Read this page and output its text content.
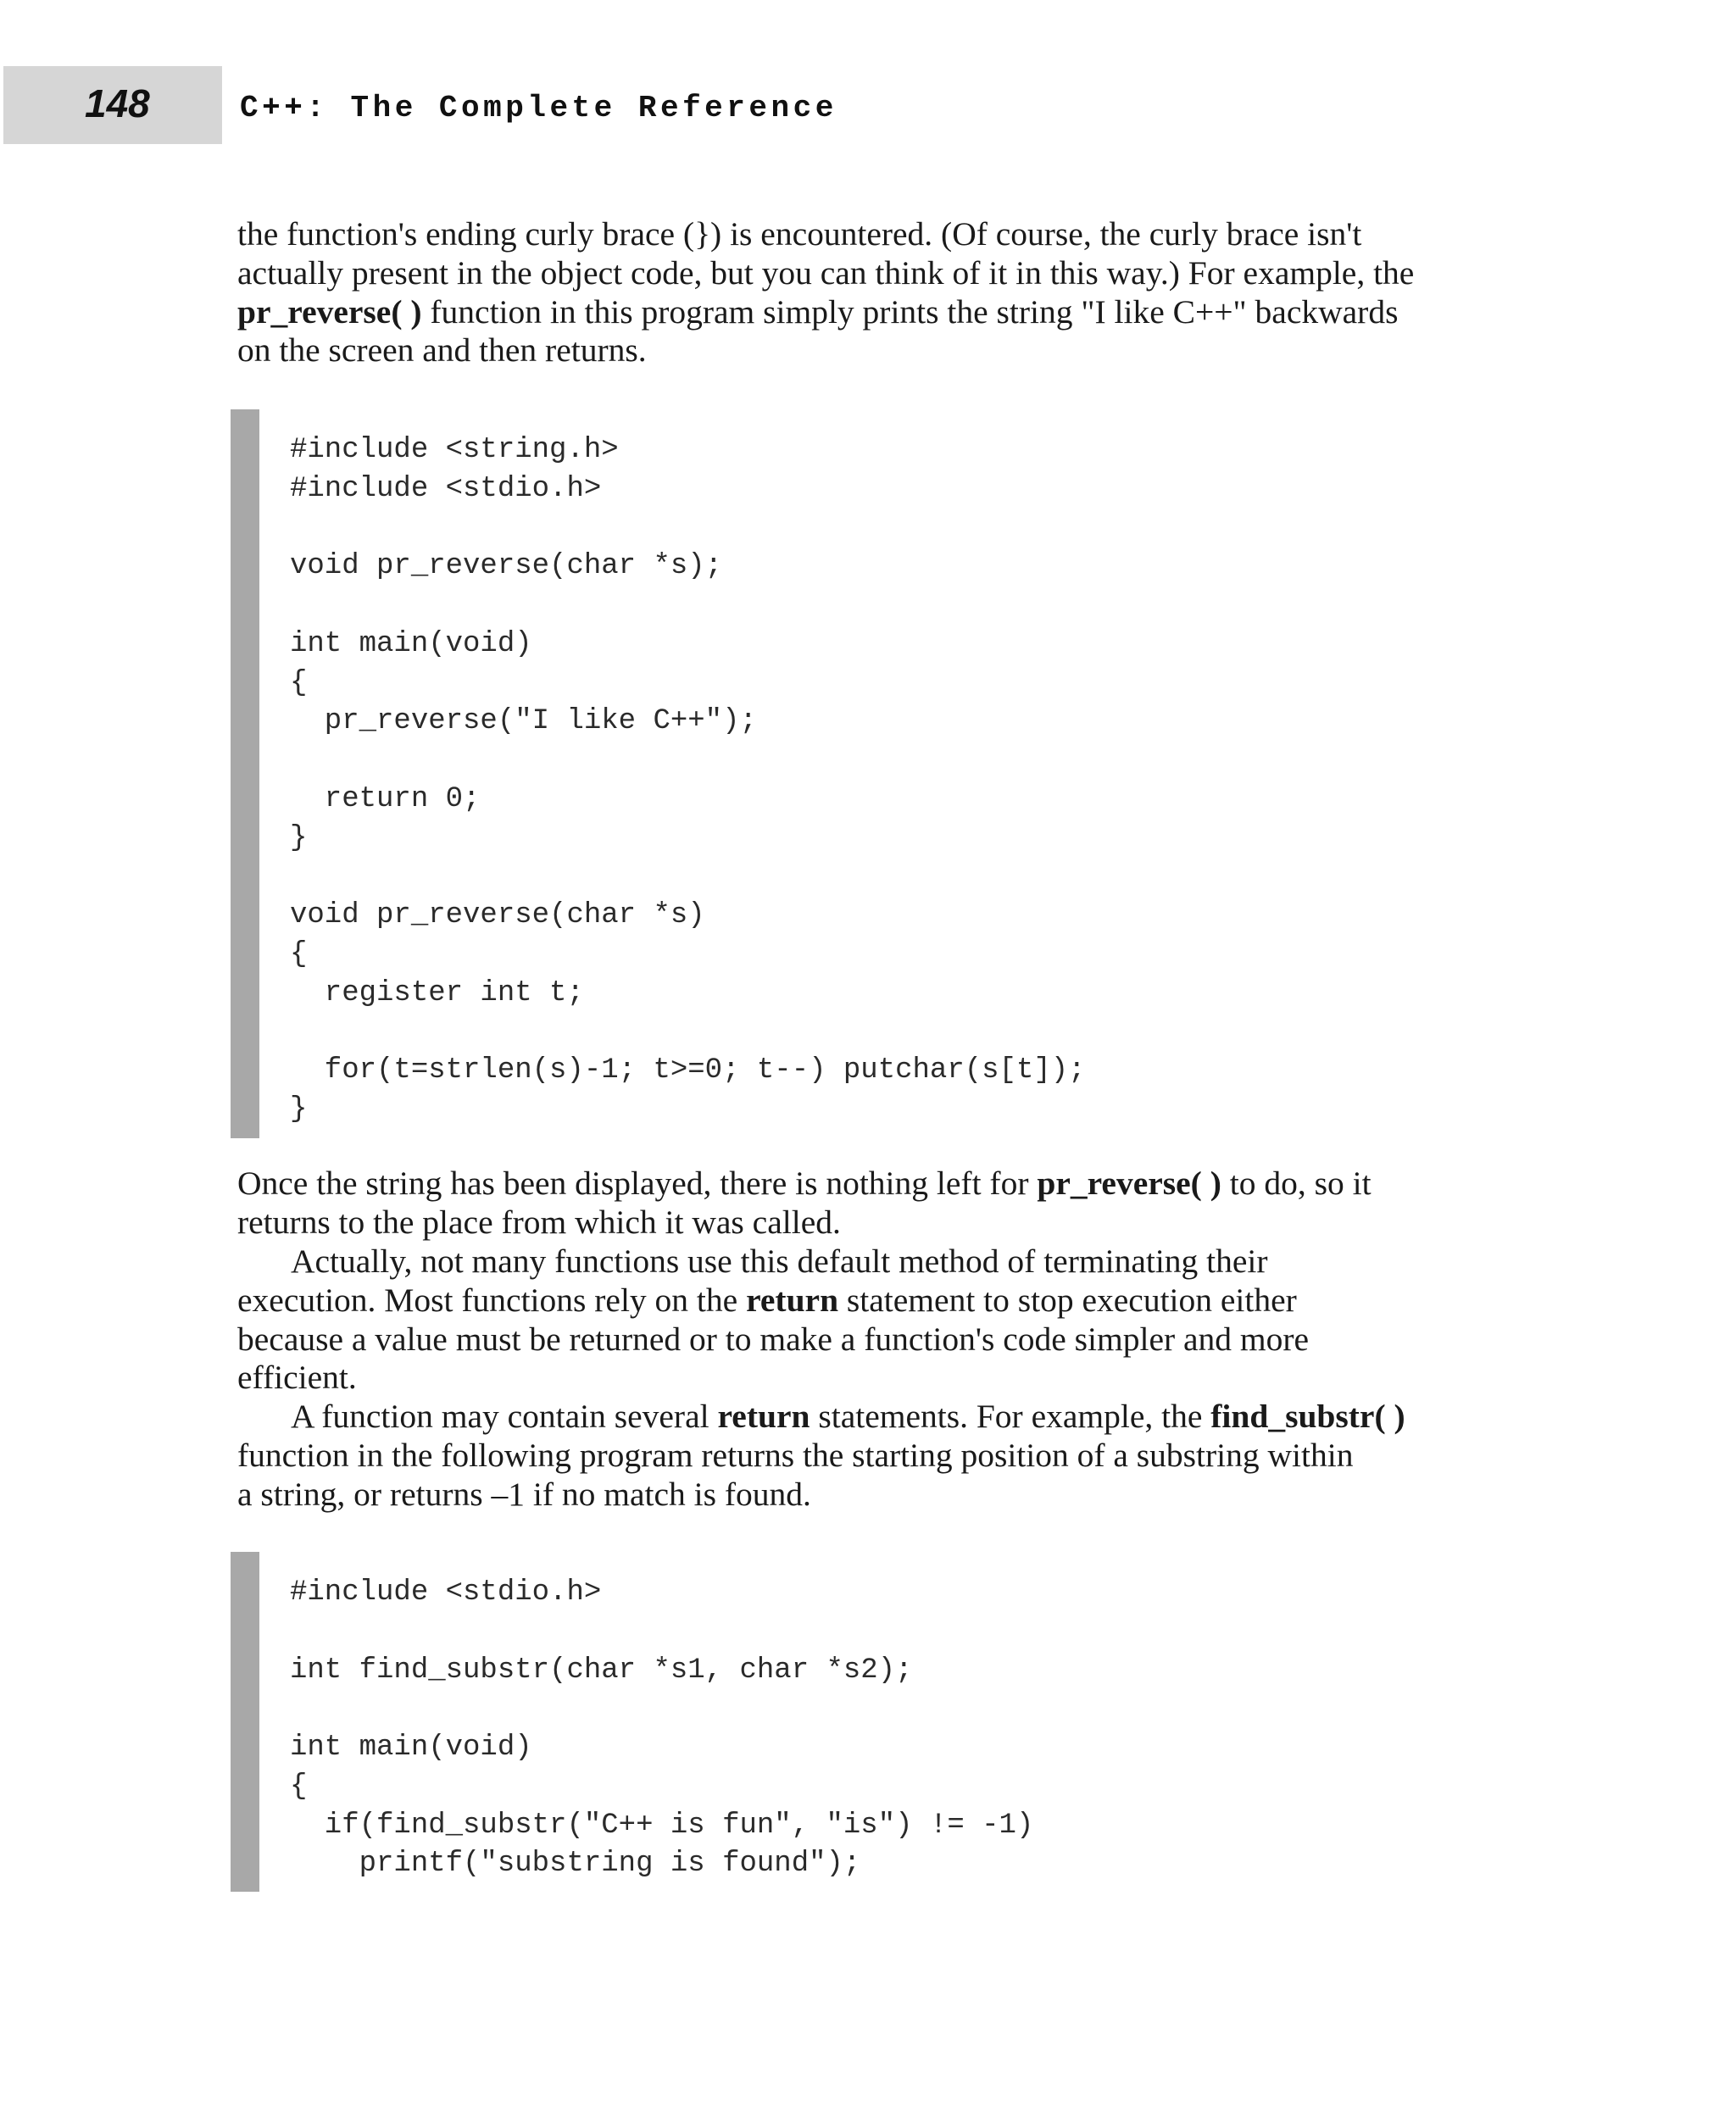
148	C++: The Complete Reference

the function's ending curly brace (}) is encountered. (Of course, the curly brace isn't
actually present in the object code, but you can think of it in this way.) For example, the
pr_reverse( ) function in this program simply prints the string "I like C++" backwards
on the screen and then returns.

#include <string.h>
#include <stdio.h>

void pr_reverse(char *s);

int main(void)
{
pr_reverse("I like C++");

return 0;
}

void pr_reverse(char *s)
{
register int t;

for(t=strlen(s)-1; t>=0; t--) putchar(s[t]);
}

Once the string has been displayed, there is nothing left for pr_reverse( ) to do, so it
returns to the place from which it was called.

Actually, not many functions use this default method of terminating their
execution. Most functions rely on the return statement to stop execution either
because a value must be returned or to make a function's code simpler and more
efficient.

A function may contain several return statements. For example, the find_substr( )
function in the following program returns the starting position of a substring within
a string, or returns –1 if no match is found.

#include <stdio.h>

int find_substr(char *s1, char *s2);

int main(void)
{
if(find_substr("C++ is fun", "is") != -1)
printf("substring is found");
